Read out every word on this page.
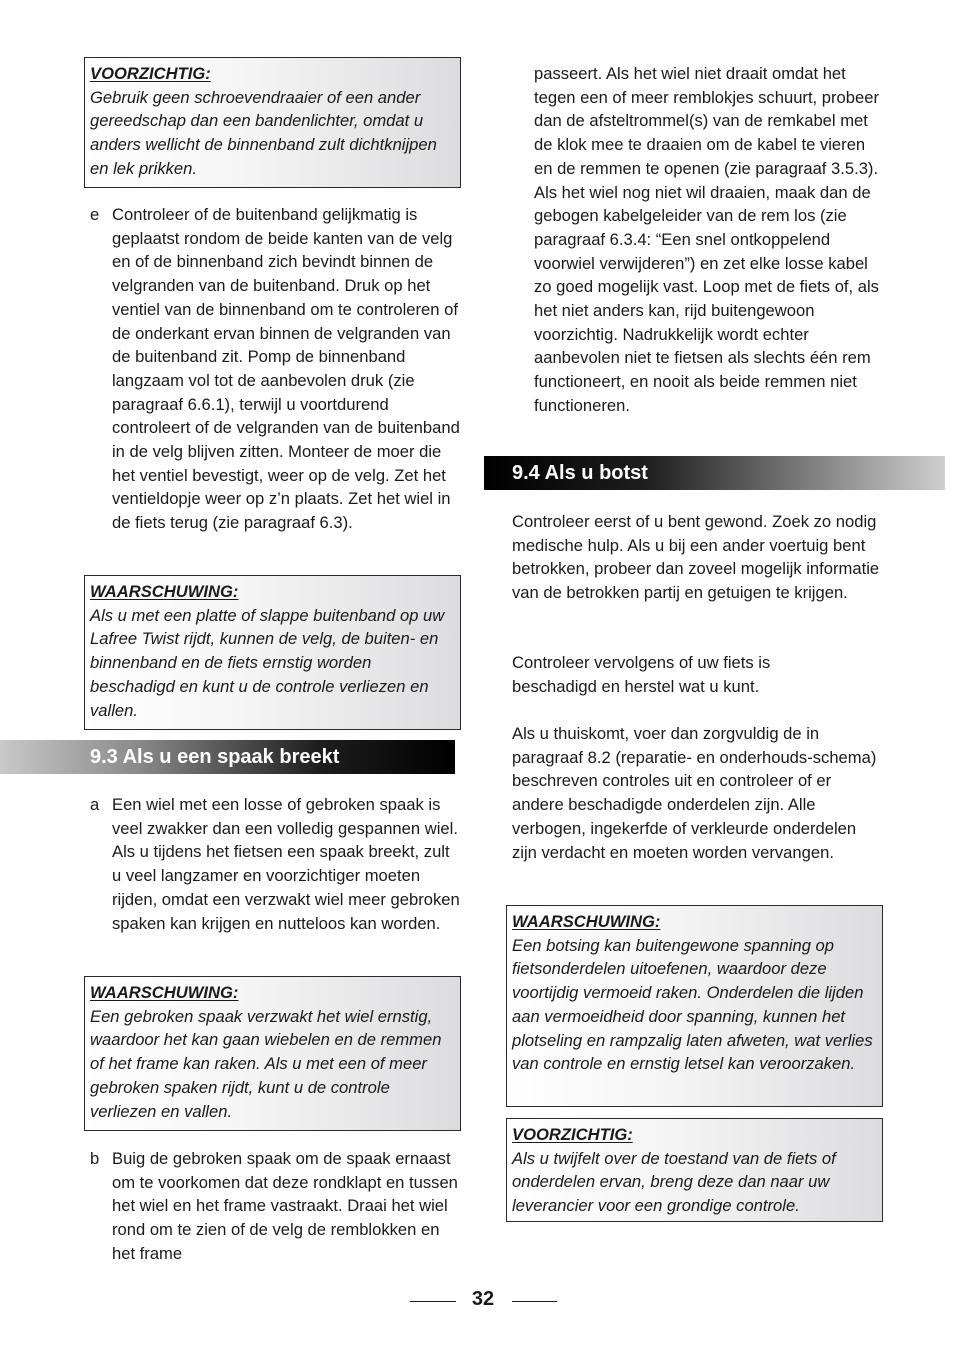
VOORZICHTIG:
Gebruik geen schroevendraaier of een ander gereedschap dan een bandenlichter, omdat u anders wellicht de binnenband zult dichtknijpen en lek prikken.
e Controleer of de buitenband gelijkmatig is geplaatst rondom de beide kanten van de velg en of de binnenband zich bevindt binnen de velgranden van de buitenband. Druk op het ventiel van de binnenband om te controleren of de onderkant ervan binnen de velgranden van de buitenband zit. Pomp de binnenband langzaam vol tot de aanbevolen druk (zie paragraaf 6.6.1), terwijl u voortdurend controleert of de velgranden van de buitenband in de velg blijven zitten. Monteer de moer die het ventiel bevestigt, weer op de velg. Zet het ventieldopje weer op z’n plaats. Zet het wiel in de fiets terug (zie paragraaf 6.3).
WAARSCHUWING:
Als u met een platte of slappe buitenband op uw Lafree Twist rijdt, kunnen de velg, de buiten- en binnenband en de fiets ernstig worden beschadigd en kunt u de controle verliezen en vallen.
9.3 Als u een spaak breekt
a Een wiel met een losse of gebroken spaak is veel zwakker dan een volledig gespannen wiel. Als u tijdens het fietsen een spaak breekt, zult u veel langzamer en voorzichtiger moeten rijden, omdat een verzwakt wiel meer gebroken spaken kan krijgen en nutteloos kan worden.
WAARSCHUWING:
Een gebroken spaak verzwakt het wiel ernstig, waardoor het kan gaan wiebelen en de remmen of het frame kan raken. Als u met een of meer gebroken spaken rijdt, kunt u de controle verliezen en vallen.
b Buig de gebroken spaak om de spaak ernaast om te voorkomen dat deze rondklapt en tussen het wiel en het frame vastraakt. Draai het wiel rond om te zien of de velg de remblokken en het frame

passeert. Als het wiel niet draait omdat het tegen een of meer remblokjes schuurt, probeer dan de afsteltrommel(s) van de remkabel met de klok mee te draaien om de kabel te vieren en de remmen te openen (zie paragraaf 3.5.3). Als het wiel nog niet wil draaien, maak dan de gebogen kabelgeleider van de rem los (zie paragraaf 6.3.4: “Een snel ontkoppelend voorwiel verwijderen”) en zet elke losse kabel zo goed mogelijk vast. Loop met de fiets of, als het niet anders kan, rijd buitengewoon voorzichtig. Nadrukkelijk wordt echter aanbevolen niet te fietsen als slechts één rem functioneert, en nooit als beide remmen niet functioneren.

9.4 Als u botst

Controleer eerst of u bent gewond. Zoek zo nodig medische hulp. Als u bij een ander voertuig bent betrokken, probeer dan zoveel mogelijk informatie van de betrokken partij en getuigen te krijgen.

Controleer vervolgens of uw fiets is beschadigd en herstel wat u kunt.

Als u thuiskomt, voer dan zorgvuldig de in paragraaf 8.2 (reparatie- en onderhouds-schema) beschreven controles uit en controleer of er andere beschadigde onderdelen zijn. Alle verbogen, ingekerfde of verkleurde onderdelen zijn verdacht en moeten worden vervangen.

WAARSCHUWING:
Een botsing kan buitengewone spanning op fietsonderdelen uitoefenen, waardoor deze voortijdig vermoeid raken. Onderdelen die lijden aan vermoeidheid door spanning, kunnen het plotseling en rampzalig laten afweten, wat verlies van controle en ernstig letsel kan veroorzaken.
VOORZICHTIG:
Als u twijfelt over de toestand van de fiets of onderdelen ervan, breng deze dan naar uw leverancier voor een grondige controle.
32
